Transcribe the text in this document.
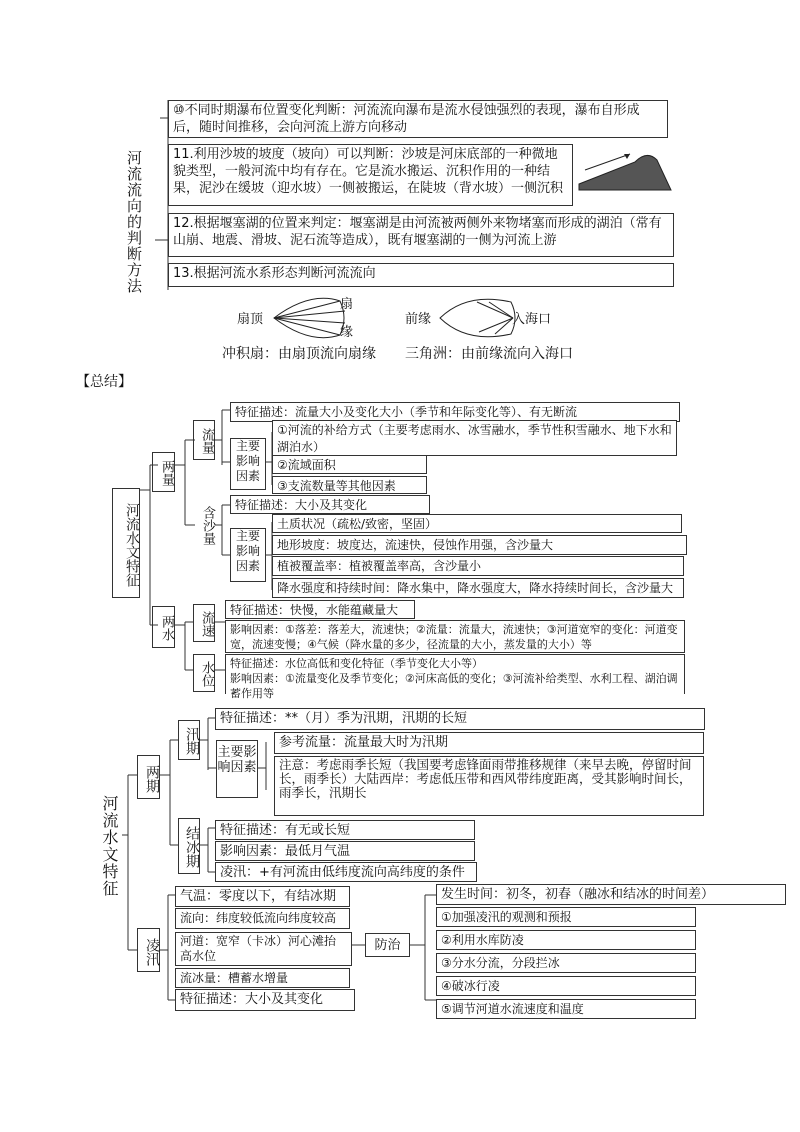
河流流向的判断方法
⑩不同时期瀑布位置变化判断：河流流向瀑布是流水侵蚀强烈的表现，瀑布自形成后，随时间推移，会向河流上游方向移动
11.利用沙坡的坡度（坡向）可以判断：沙坡是河床底部的一种微地貌类型，一般河流中均有存在。它是流水搬运、沉积作用的一种结果，泥沙在缓坡（迎水坡）一侧被搬运，在陡坡（背水坡）一侧沉积
12.根据堰塞湖的位置来判定：堰塞湖是由河流被两侧外来物堵塞而形成的湖泊（常有山崩、地震、滑坡、泥石流等造成），既有堰塞湖的一侧为河流上游
13.根据河流水系形态判断河流流向
扇顶
扇
缘
冲积扇：由扇顶流向扇缘
前缘	入海口
三角洲：由前缘流向入海口
【总结】
河流水文特征
两量
流量
特征描述：流量大小及变化大小（季节和年际变化等）、有无断流
主要影响因素
①河流的补给方式（主要考虑雨水、冰雪融水，季节性积雪融水、地下水和湖泊水）
②流域面积
③支流数量等其他因素
含沙量
特征描述：大小及其变化
主要影响因素
土质状况（疏松/致密，坚固）
地形坡度：坡度达，流速快，侵蚀作用强，含沙量大
植被覆盖率：植被覆盖率高，含沙量小
降水强度和持续时间：降水集中，降水强度大，降水持续时间长，含沙量大
两水	流速
特征描述：快慢，水能蕴藏量大
影响因素：①落差：落差大，流速快；②流量：流量大，流速快；③河道宽窄的变化：河道变宽，流速变慢；④气候（降水量的多少，径流量的大小，蒸发量的大小）等
水位 特征描述：水位高低和变化特征（季节变化大小等）
影响因素：①流量变化及季节变化；②河床高低的变化；③河流补给类型、水利工程、湖泊调蓄作用等
河流水文特征
两期
汛期
特征描述：**（月）季为汛期，汛期的长短
主要影响因素
参考流量：流量最大时为汛期
注意：考虑雨季长短（我国要考虑锋面雨带推移规律（来早去晚，停留时间长，雨季长）大陆西岸：考虑低压带和西风带纬度距离，受其影响时间长，雨季长，汛期长
结冰期	特征描述：有无或长短
影响因素：最低月气温
凌汛：+有河流由低纬度流向高纬度的条件
凌汛
气温：零度以下，有结冰期
流向：纬度较低流向纬度较高
河道：宽窄（卡冰）河心滩抬高水位
流冰量：槽蓄水增量
特征描述：大小及其变化
防治
发生时间：初冬，初春（融冰和结冰的时间差）
①加强凌汛的观测和预报
②利用水库防凌
③分水分流，分段拦冰
④破冰行凌
⑤调节河道水流速度和温度
